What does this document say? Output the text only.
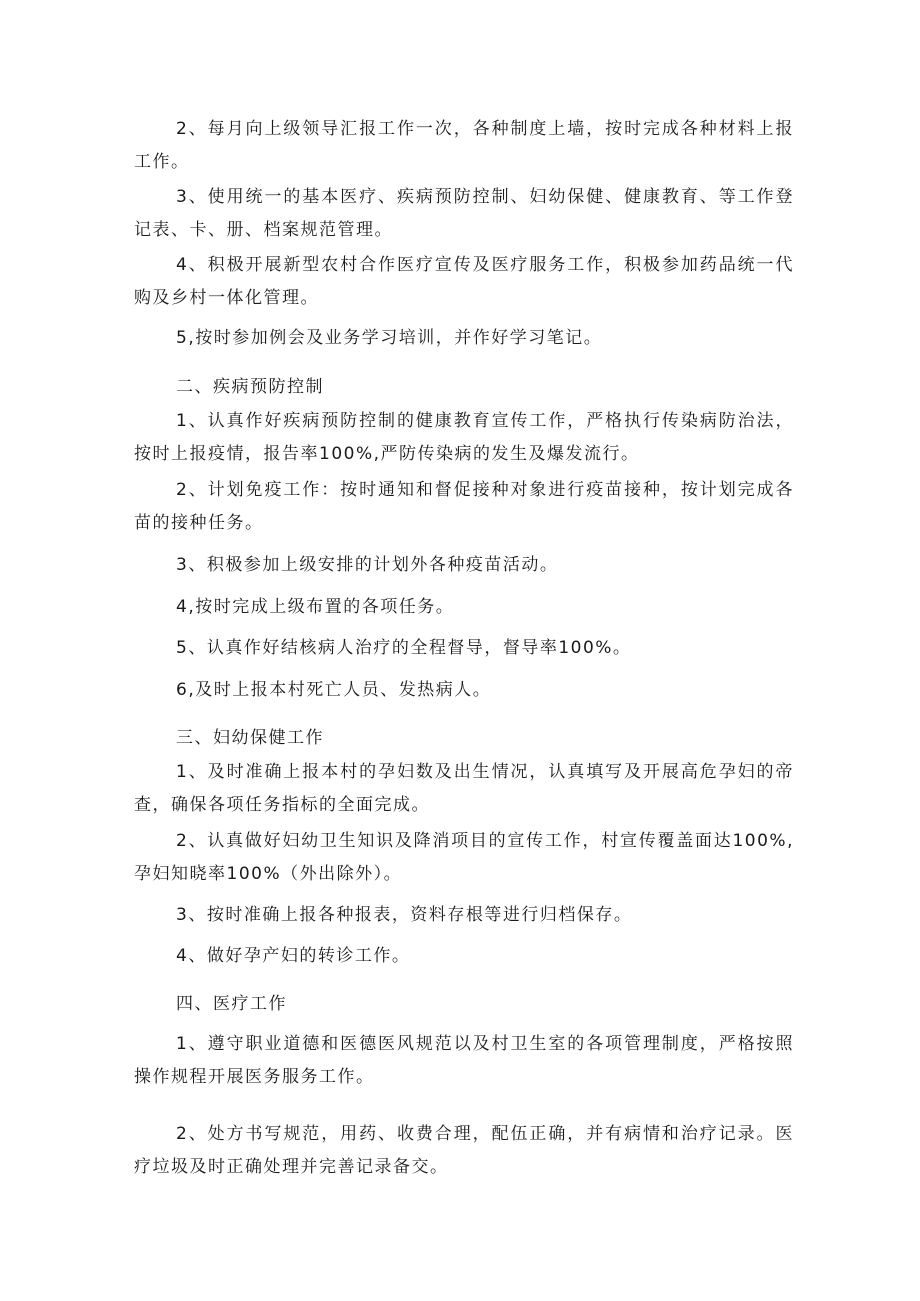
2、每月向上级领导汇报工作一次，各种制度上墙，按时完成各种材料上报工作。

3、使用统一的基本医疗、疾病预防控制、妇幼保健、健康教育、等工作登记表、卡、册、档案规范管理。

4、积极开展新型农村合作医疗宣传及医疗服务工作，积极参加药品统一代购及乡村一体化管理。

5,按时参加例会及业务学习培训，并作好学习笔记。

二、疾病预防控制

1、认真作好疾病预防控制的健康教育宣传工作，严格执行传染病防治法，按时上报疫情，报告率100%,严防传染病的发生及爆发流行。

2、计划免疫工作：按时通知和督促接种对象进行疫苗接种，按计划完成各苗的接种任务。

3、积极参加上级安排的计划外各种疫苗活动。

4,按时完成上级布置的各项任务。

5、认真作好结核病人治疗的全程督导，督导率100%。

6,及时上报本村死亡人员、发热病人。

三、妇幼保健工作

1、及时准确上报本村的孕妇数及出生情况，认真填写及开展高危孕妇的帝查，确保各项任务指标的全面完成。

2、认真做好妇幼卫生知识及降消项目的宣传工作，村宣传覆盖面达100%,孕妇知晓率100%（外出除外）。

3、按时准确上报各种报表，资料存根等进行归档保存。

4、做好孕产妇的转诊工作。

四、医疗工作

1、遵守职业道德和医德医风规范以及村卫生室的各项管理制度，严格按照操作规程开展医务服务工作。

2、处方书写规范，用药、收费合理，配伍正确，并有病情和治疗记录。医疗垃圾及时正确处理并完善记录备交。
